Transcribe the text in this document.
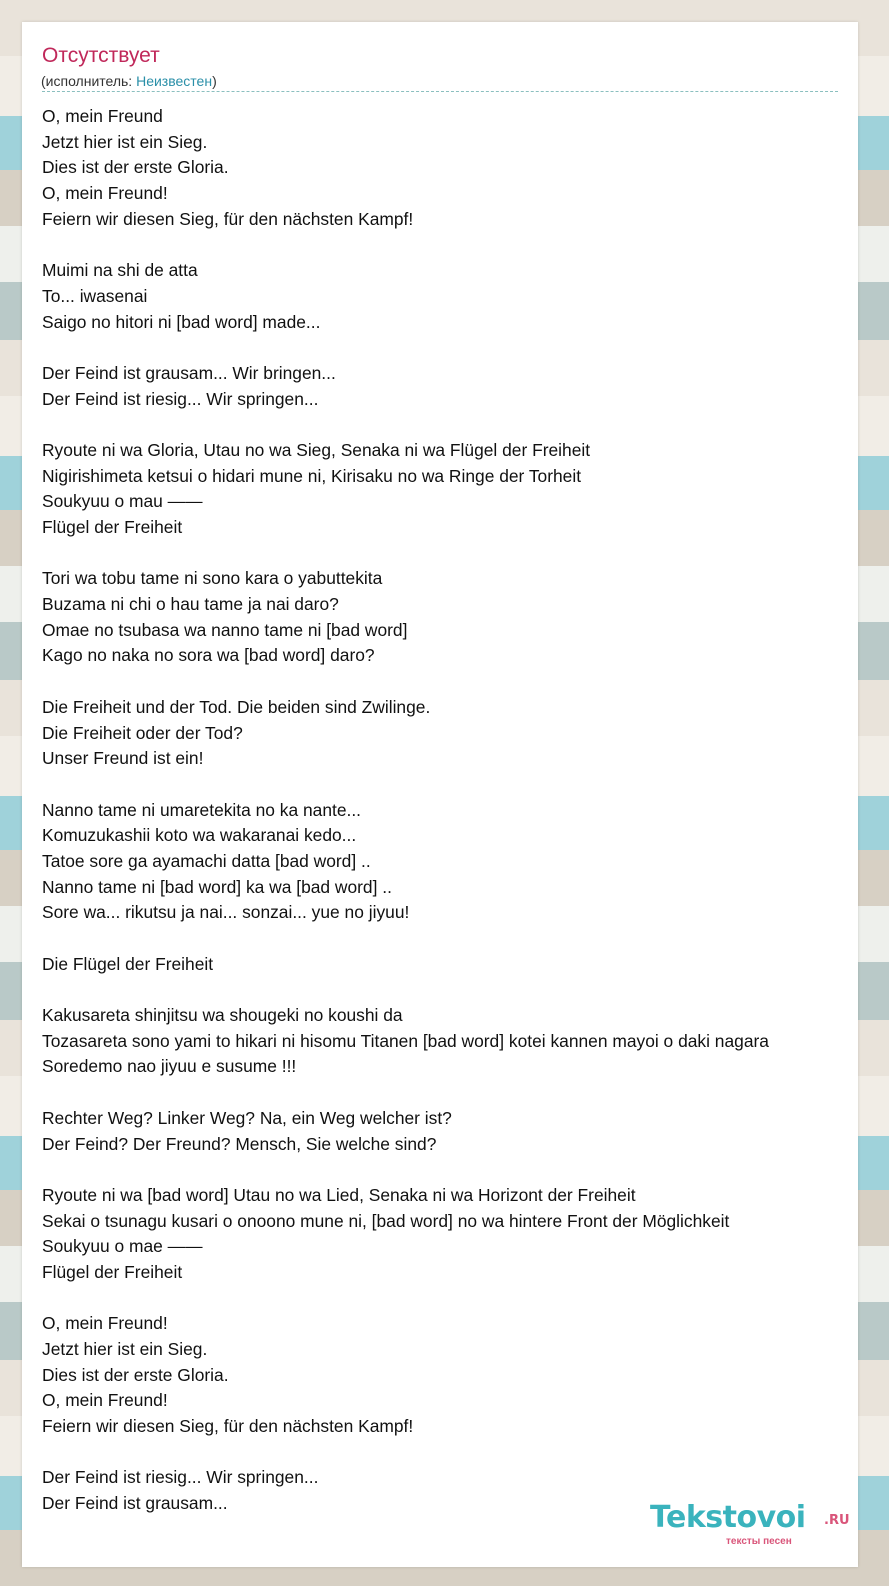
Отсутствует
(исполнитель: Неизвестен)
O, mein Freund
Jetzt hier ist ein Sieg.
Dies ist der erste Gloria.
O, mein Freund!
Feiern wir diesen Sieg, für den nächsten Kampf!
Muimi na shi de atta
To... iwasenai
Saigo no hitori ni [bad word] made...
Der Feind ist grausam... Wir bringen...
Der Feind ist riesig... Wir springen...
Ryoute ni wa Gloria, Utau no wa Sieg, Senaka ni wa Flügel der Freiheit
Nigirishimeta ketsui o hidari mune ni, Kirisaku no wa Ringe der Torheit
Soukyuu o mau ――
Flügel der Freiheit
Tori wa tobu tame ni sono kara o yabuttekita
Buzama ni chi o hau tame ja nai daro?
Omae no tsubasa wa nanno tame ni [bad word]
Kago no naka no sora wa [bad word] daro?
Die Freiheit und der Tod. Die beiden sind Zwilinge.
Die Freiheit oder der Tod?
Unser Freund ist ein!
Nanno tame ni umaretekita no ka nante...
Komuzukashii koto wa wakaranai kedo...
Tatoe sore ga ayamachi datta [bad word] ..
Nanno tame ni [bad word] ka wa [bad word] ..
Sore wa... rikutsu ja nai... sonzai... yue no jiyuu!
Die Flügel der Freiheit
Kakusareta shinjitsu wa shougeki no koushi da
Tozasareta sono yami to hikari ni hisomu Titanen [bad word] kotei kannen mayoi o daki nagara
Soredemo nao jiyuu e susume !!!
Rechter Weg? Linker Weg? Na, ein Weg welcher ist?
Der Feind? Der Freund? Mensch, Sie welche sind?
Ryoute ni wa [bad word] Utau no wa Lied, Senaka ni wa Horizont der Freiheit
Sekai o tsunagu kusari o onoono mune ni, [bad word] no wa hintere Front der Möglichkeit
Soukyuu o mae ――
Flügel der Freiheit
O, mein Freund!
Jetzt hier ist ein Sieg.
Dies ist der erste Gloria.
O, mein Freund!
Feiern wir diesen Sieg, für den nächsten Kampf!
Der Feind ist riesig... Wir springen...
Der Feind ist grausam...	Tekstovoi .RU
тексты песен
